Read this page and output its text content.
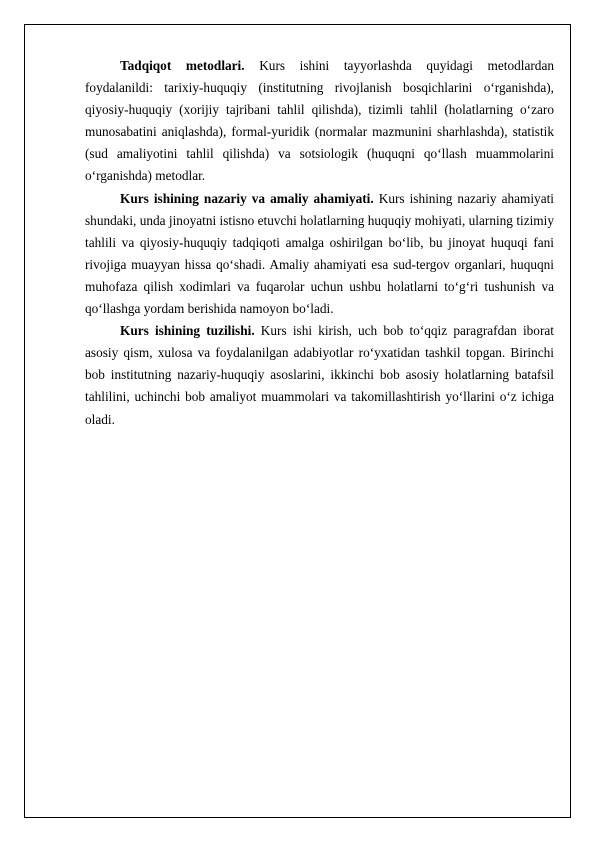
Tadqiqot metodlari. Kurs ishini tayyorlashda quyidagi metodlardan foydalanildi: tarixiy-huquqiy (institutning rivojlanish bosqichlarini o‘rganishda), qiyosiy-huquqiy (xorijiy tajribani tahlil qilishda), tizimli tahlil (holatlarning o‘zaro munosabatini aniqlashda), formal-yuridik (normalar mazmunini sharhlashda), statistik (sud amaliyotini tahlil qilishda) va sotsiologik (huquqni qo‘llash muammolarini o‘rganishda) metodlar.

Kurs ishining nazariy va amaliy ahamiyati. Kurs ishining nazariy ahamiyati shundaki, unda jinoyatni istisno etuvchi holatlarning huquqiy mohiyati, ularning tizimiy tahlili va qiyosiy-huquqiy tadqiqoti amalga oshirilgan bo‘lib, bu jinoyat huquqi fani rivojiga muayyan hissa qo‘shadi. Amaliy ahamiyati esa sud-tergov organlari, huquqni muhofaza qilish xodimlari va fuqarolar uchun ushbu holatlarni to‘g‘ri tushunish va qo‘llashga yordam berishida namoyon bo‘ladi.

Kurs ishining tuzilishi. Kurs ishi kirish, uch bob to‘qqiz paragrafdan iborat asosiy qism, xulosa va foydalanilgan adabiyotlar ro‘yxatidan tashkil topgan. Birinchi bob institutning nazariy-huquqiy asoslarini, ikkinchi bob asosiy holatlarning batafsil tahlilini, uchinchi bob amaliyot muammolari va takomillashtirish yo‘llarini o‘z ichiga oladi.
